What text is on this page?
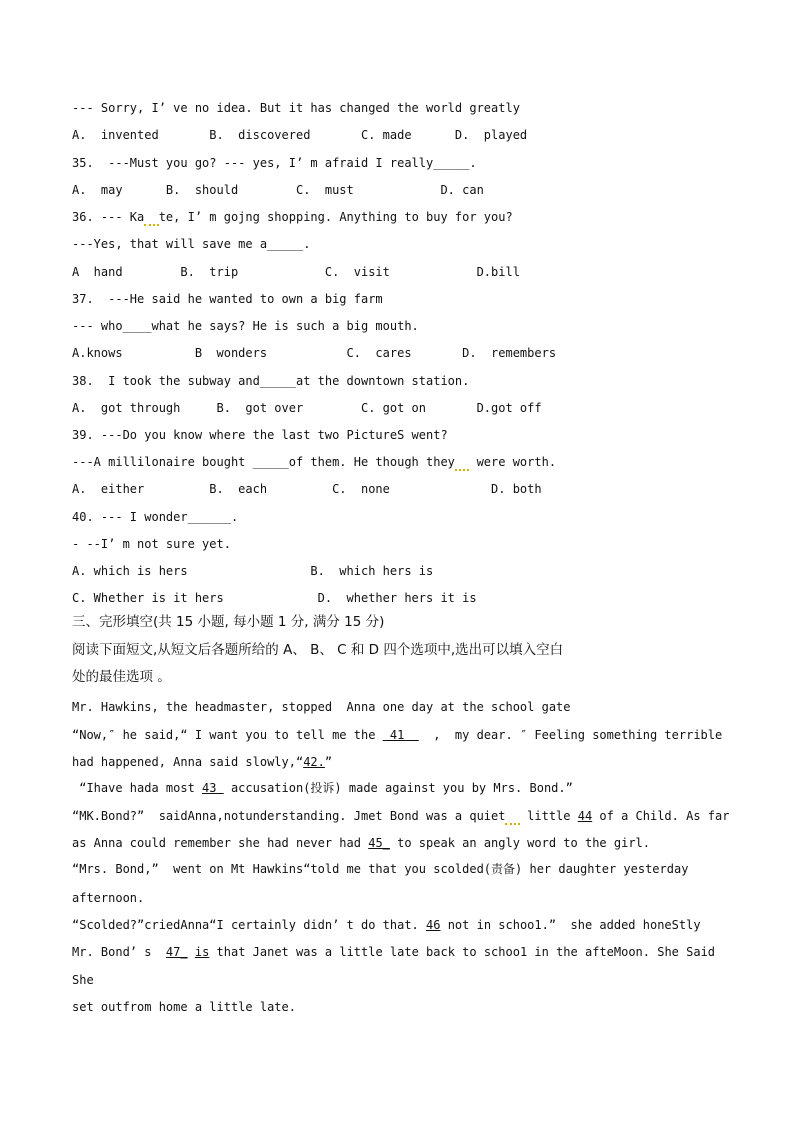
--- Sorry, I’ ve no idea. But it has changed the world greatly
A.  invented       B.  discovered       C. made      D.  played
35.  ---Must you go? --- yes, I’ m afraid I really_____.
A.  may      B.  should        C.  must            D. can
36. --- Ka te, I’ m gojng shopping. Anything to buy for you?
---Yes, that will save me a_____.
A  hand        B.  trip            C.  visit            D.bill
37.  ---He said he wanted to own a big farm
--- who____what he says? He is such a big mouth.
A.knows          B  wonders           C.  cares       D.  remembers
38.  I took the subway and_____at the downtown station.
A.  got through     B.  got over        C. got on       D.got off
39. ---Do you know where the last two PictureS went?
---A millilonaire bought _____of them. He though they   were worth.
A.  either         B.  each         C.  none              D. both
40. --- I wonder______.
- --I’ m not sure yet.
A. which is hers                 B.  which hers is
C. Whether is it hers             D.  whether hers it is
三、完形填空(共 15 小题, 每小题 1 分, 满分 15 分)
阅读下面短文,从短文后各题所给的 A、 B、 C 和 D 四个选项中,选出可以填入空白
处的最佳选项 。
Mr. Hawkins, the headmaster, stopped  Anna one day at the school gate
“Now,″ he said,“ I want you to tell me the  41    ,  my dear. ″ Feeling something terrible
had happened, Anna said slowly,“42.”
“Ihave hada most 43  accusation(投诉) made against you by Mrs. Bond.”
“MK.Bond?”  saidAnna,notunderstanding. Jmet Bond was a quiet   little 44 of a Child. As far
as Anna could remember she had never had 45_ to speak an angly word to the girl.
“Mrs. Bond,”  went on Mt Hawkins“told me that you scolded(责备) her daughter yesterday
afternoon.
“Scolded?”criedAnna“I certainly didn’ t do that. 46 not in schoo1.”  she added honeStly
Mr. Bond’ s  47_ is that Janet was a little late back to schoo1 in the afteMoon. She Said
She
set outfrom home a little late.
